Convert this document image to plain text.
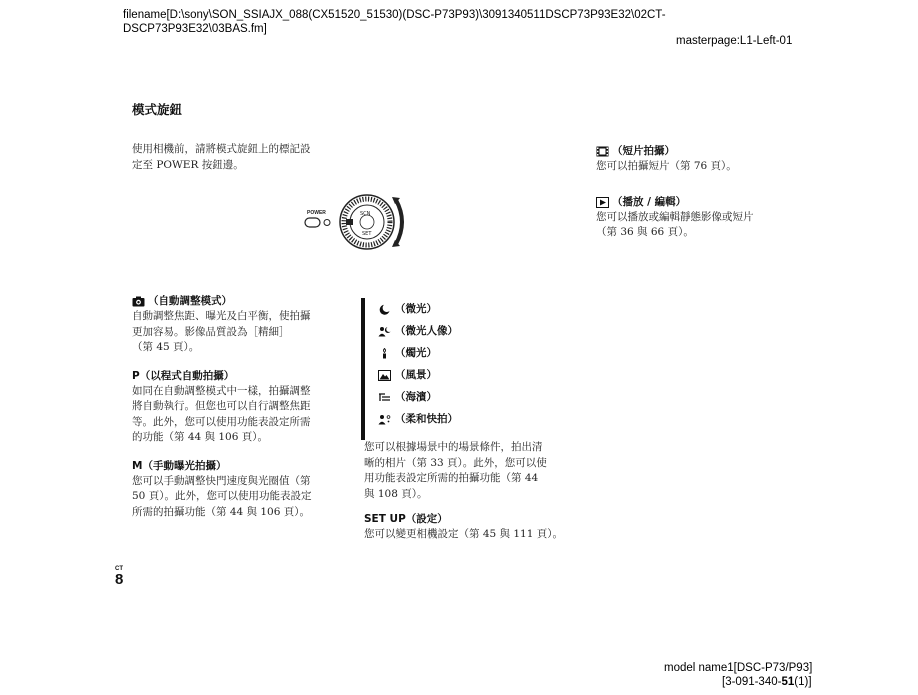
filename[D:\sony\SON_SSIAJX_088(CX51520_51530)(DSC-P73P93)\3091340511DSCP73P93E32\02CT-
DSCP73P93E32\03BAS.fm]
masterpage:L1-Left-01
模式旋鈕
使用相機前，請將模式旋鈕上的標記設
定至 POWER 按鈕邊。
POWER	SCN
SET
（短片拍攝）
您可以拍攝短片（第 76 頁）。
（播放 / 編輯）
您可以播放或編輯靜態影像或短片
（第 36 與 66 頁）。
（自動調整模式）
自動調整焦距、曝光及白平衡，使拍攝
更加容易。影像品質設為［精細］
（第 45 頁）。
P（以程式自動拍攝）
如同在自動調整模式中一樣，拍攝調整
將自動執行。但您也可以自行調整焦距
等。此外，您可以使用功能表設定所需
的功能（第 44 與 106 頁）。
M（手動曝光拍攝）
您可以手動調整快門速度與光圈值（第
50 頁）。此外，您可以使用功能表設定
所需的拍攝功能（第 44 與 106 頁）。
（微光）
（微光人像）
（燭光）
（風景）
（海濱）
（柔和快拍）
您可以根據場景中的場景條件，拍出清
晰的相片（第 33 頁）。此外，您可以使
用功能表設定所需的拍攝功能（第 44
與 108 頁）。
SET UP（設定）
您可以變更相機設定（第 45 與 111 頁）。
CT
8
model name1[DSC-P73/P93]
[3-091-340-51(1)]
